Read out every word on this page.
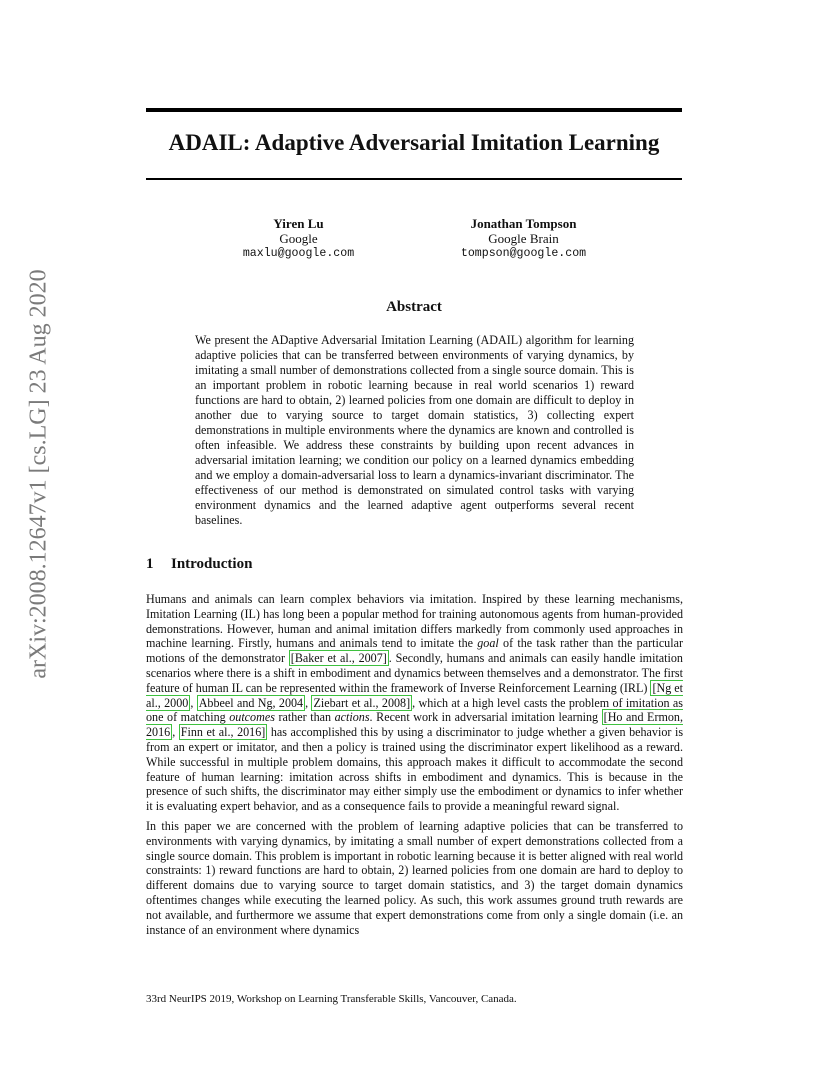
ADAIL: Adaptive Adversarial Imitation Learning
arXiv:2008.12647v1 [cs.LG] 23 Aug 2020
Yiren Lu
Google
maxlu@google.com
Jonathan Tompson
Google Brain
tompson@google.com
Abstract

We present the ADaptive Adversarial Imitation Learning (ADAIL) algorithm for learning adaptive policies that can be transferred between environments of varying dynamics, by imitating a small number of demonstrations collected from a single source domain. This is an important problem in robotic learning because in real world scenarios 1) reward functions are hard to obtain, 2) learned policies from one domain are difficult to deploy in another due to varying source to target domain statistics, 3) collecting expert demonstrations in multiple environments where the dynamics are known and controlled is often infeasible. We address these constraints by building upon recent advances in adversarial imitation learning; we condition our policy on a learned dynamics embedding and we employ a domain-adversarial loss to learn a dynamics-invariant discriminator. The effectiveness of our method is demonstrated on simulated control tasks with varying environment dynamics and the learned adaptive agent outperforms several recent baselines.

1 Introduction

Humans and animals can learn complex behaviors via imitation. Inspired by these learning mechanisms, Imitation Learning (IL) has long been a popular method for training autonomous agents from human-provided demonstrations. However, human and animal imitation differs markedly from commonly used approaches in machine learning. Firstly, humans and animals tend to imitate the goal of the task rather than the particular motions of the demonstrator [Baker et al., 2007] . Secondly, humans and animals can easily handle imitation scenarios where there is a shift in embodiment and dynamics between themselves and a demonstrator. The first feature of human IL can be represented within the framework of Inverse Reinforcement Learning (IRL) [Ng et al., 2000 , Abbeel and Ng, 2004 , Ziebart et al., 2008] , which at a high level casts the problem of imitation as one of matching outcomes rather than actions. Recent work in adversarial imitation learning [Ho and Ermon, 2016 , Finn et al., 2016] has accomplished this by using a discriminator to judge whether a given behavior is from an expert or imitator, and then a policy is trained using the discriminator expert likelihood as a reward. While successful in multiple problem domains, this approach makes it difficult to accommodate the second feature of human learning: imitation across shifts in embodiment and dynamics. This is because in the presence of such shifts, the discriminator may either simply use the embodiment or dynamics to infer whether it is evaluating expert behavior, and as a consequence fails to provide a meaningful reward signal.

In this paper we are concerned with the problem of learning adaptive policies that can be transferred to environments with varying dynamics, by imitating a small number of expert demonstrations collected from a single source domain. This problem is important in robotic learning because it is better aligned with real world constraints: 1) reward functions are hard to obtain, 2) learned policies from one domain are hard to deploy to different domains due to varying source to target domain statistics, and 3) the target domain dynamics oftentimes changes while executing the learned policy. As such, this work assumes ground truth rewards are not available, and furthermore we assume that expert demonstrations come from only a single domain (i.e. an instance of an environment where dynamics

33rd NeurIPS 2019, Workshop on Learning Transferable Skills, Vancouver, Canada.
